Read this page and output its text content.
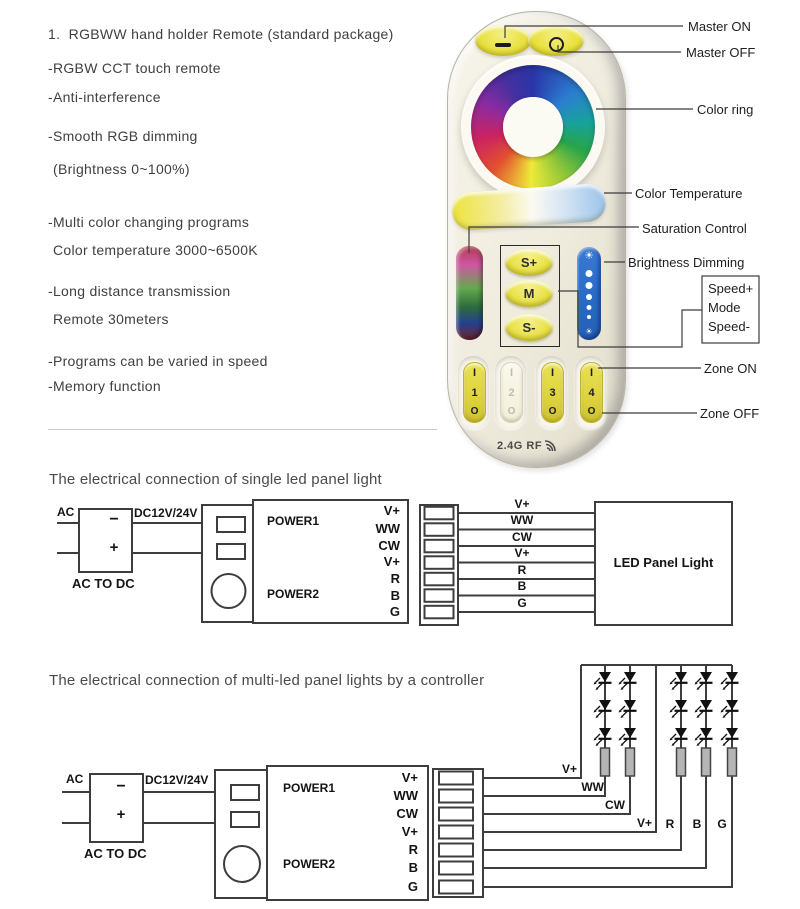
1.  RGBWW hand holder Remote (standard package)
-RGBW CCT touch remote
-Anti-interference
-Smooth RGB dimming
(Brightness 0~100%)
-Multi color changing programs
Color temperature 3000~6500K
-Long distance transmission
Remote 30meters
-Programs can be varied in speed
-Memory function
S+
M
S-
☀
☀
I
1
O
I
2
O
I
3
O
I
4
O
2.4G RF
Master ON
Master OFF
Color ring
Color Temperature
Saturation Control
Brightness Dimming
Speed+
Mode
Speed-
Zone ON
Zone OFF
The electrical connection of single led panel light
AC	−
+
AC TO DC
DC12V/24V
POWER1
POWER2
V+
WW
CW
V+
R
B
G
V+
WW
CW
V+
R
B
G
LED Panel Light
The electrical connection of multi-led panel lights by a controller
AC	−
+
AC TO DC
DC12V/24V
POWER1
POWER2
V+
WW
CW
V+
R
B
G
V+
WW
CW
V+	R	B	G
